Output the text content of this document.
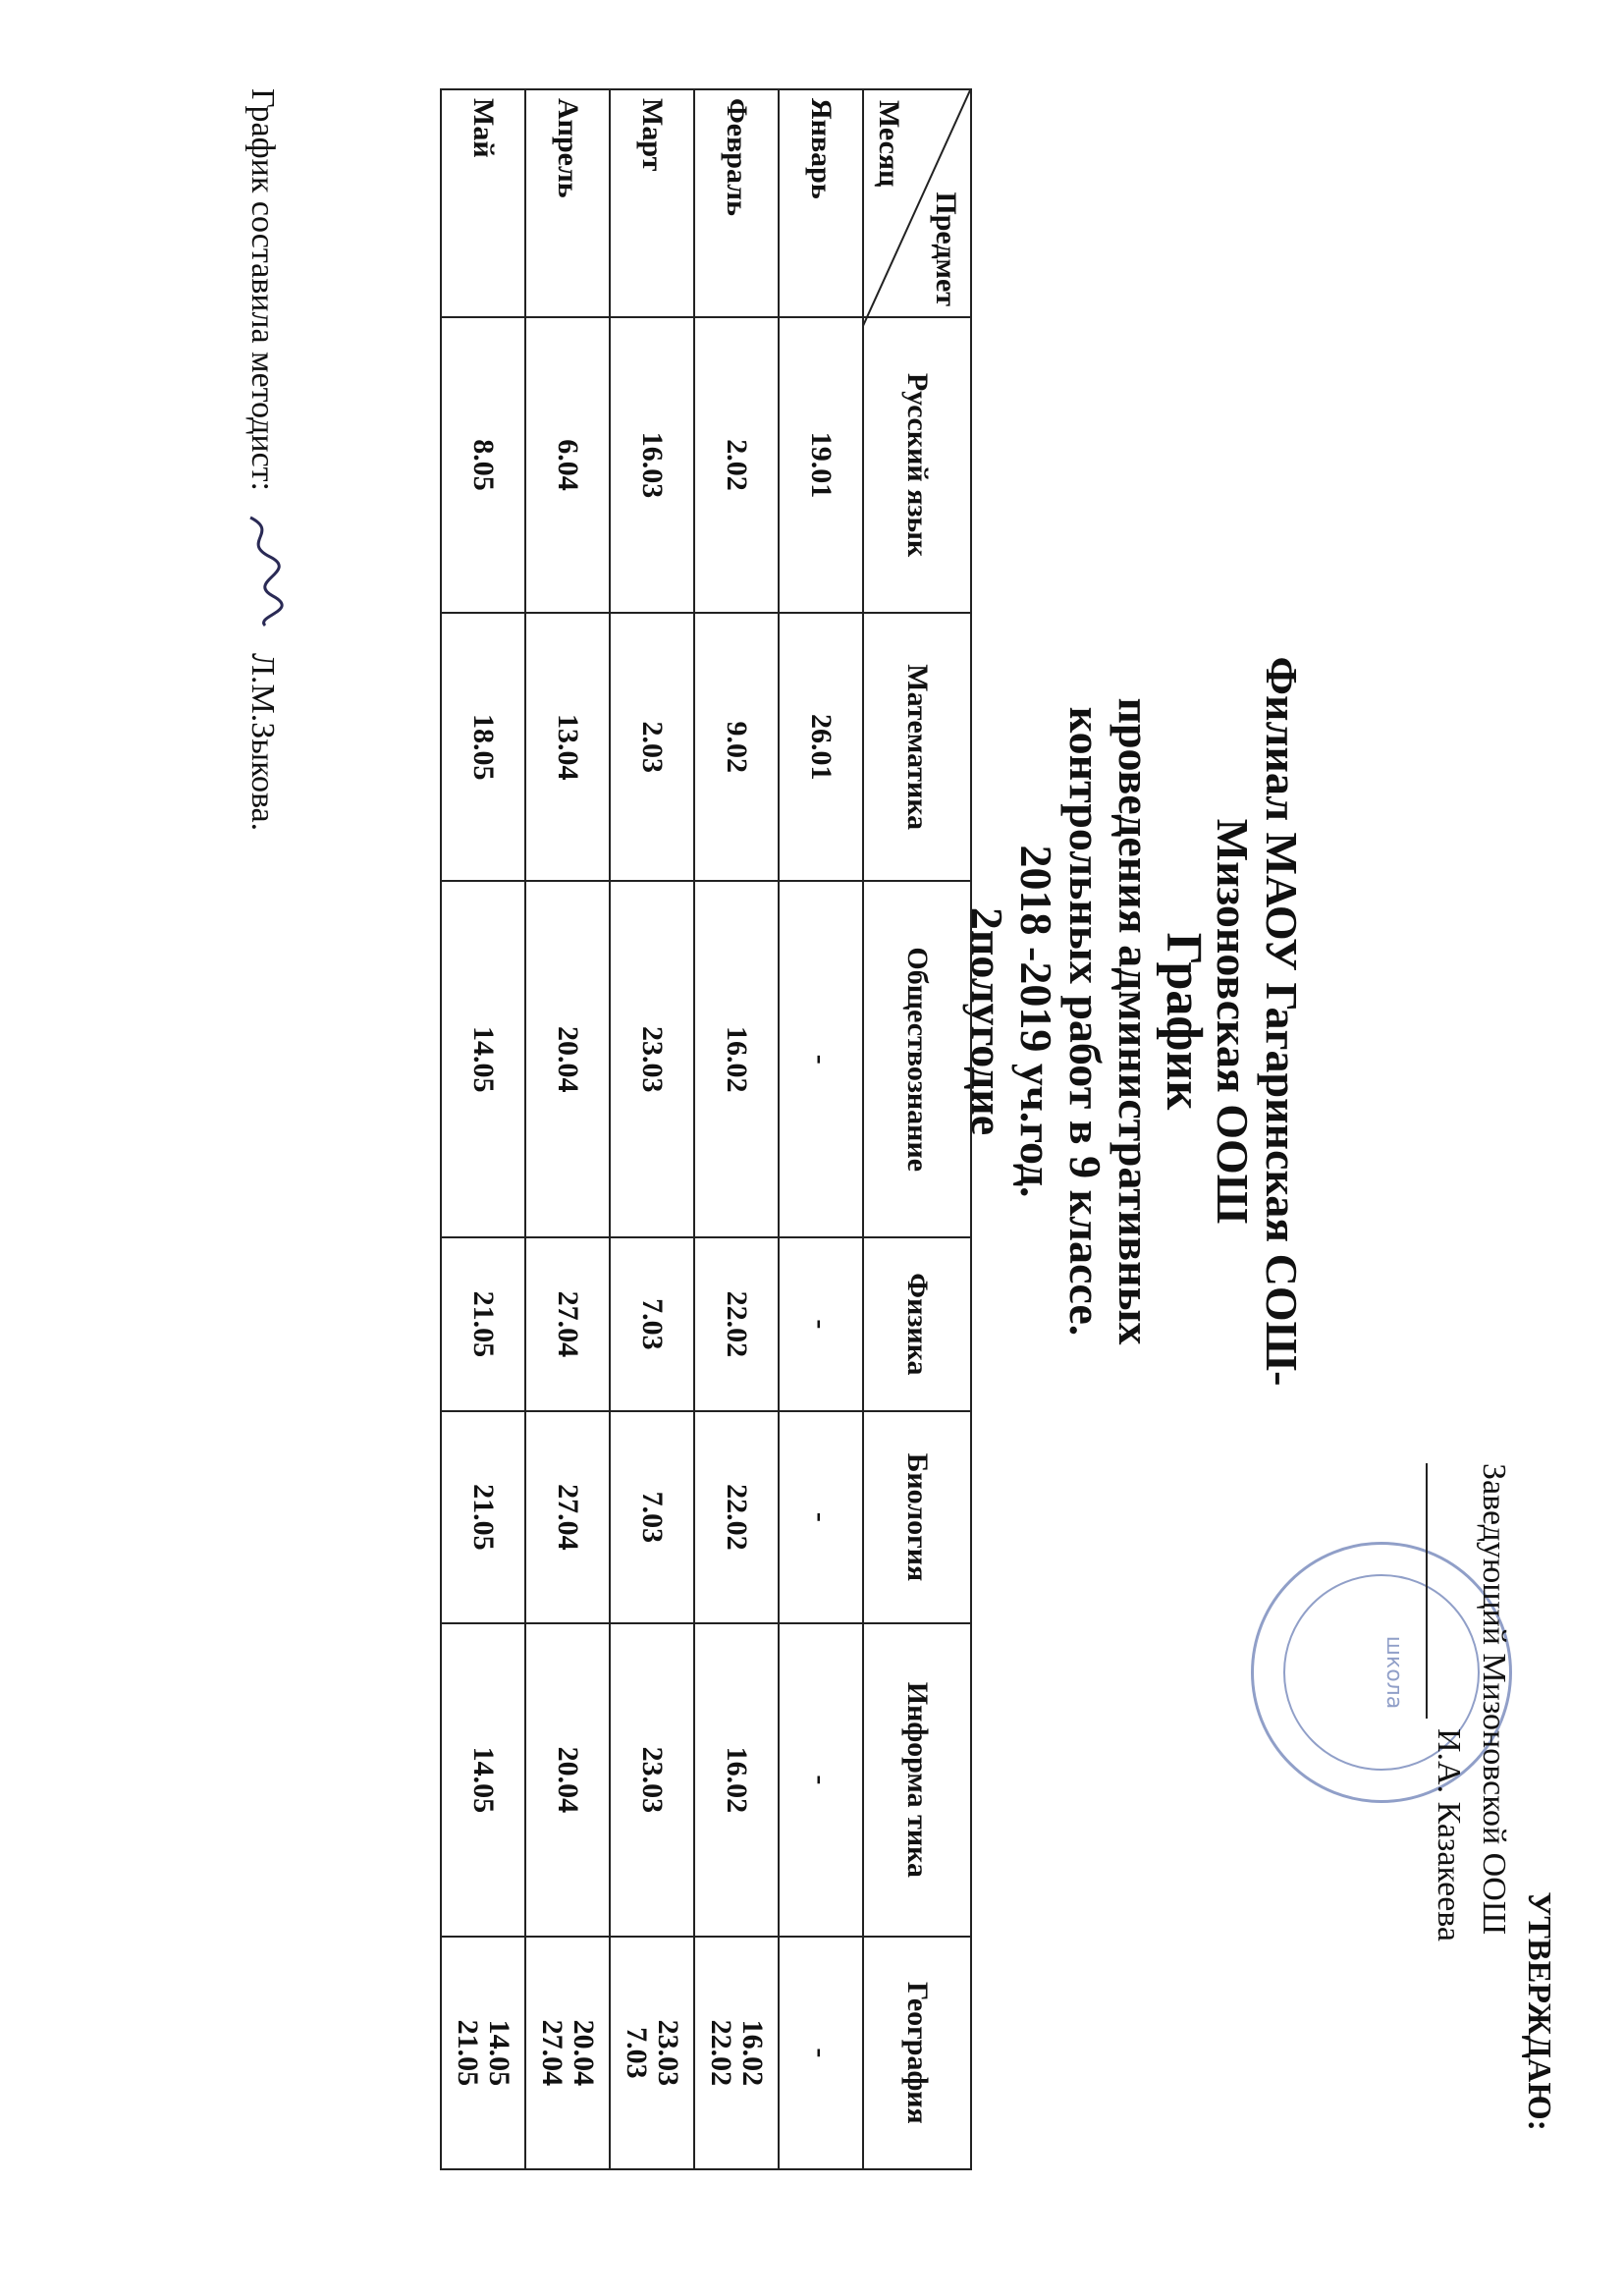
школа
УТВЕРЖДАЮ:
Заведующий Мизоновской ООШ
И.А. Казакеева
Филиал МАОУ Гагаринская СОШ-
Мизоновская ООШ
График
проведения административных
контрольных работ в 9 классе.
2018 -2019 уч.год.
2полугодие
Предмет
Месяц	Русский язык	Математика	Обществознание	Физика	Биология	Информа тика	География
Январь	19.01	26.01	-	-	-	-	-
Февраль	2.02	9.02	16.02	22.02	22.02	16.02	16.02
22.02
Март	16.03	2.03	23.03	7.03	7.03	23.03	23.03
7.03
Апрель	6.04	13.04	20.04	27.04	27.04	20.04	20.04
27.04
Май	8.05	18.05	14.05	21.05	21.05	14.05	14.05
21.05
График составила методист:  Л.М.Зыкова.
